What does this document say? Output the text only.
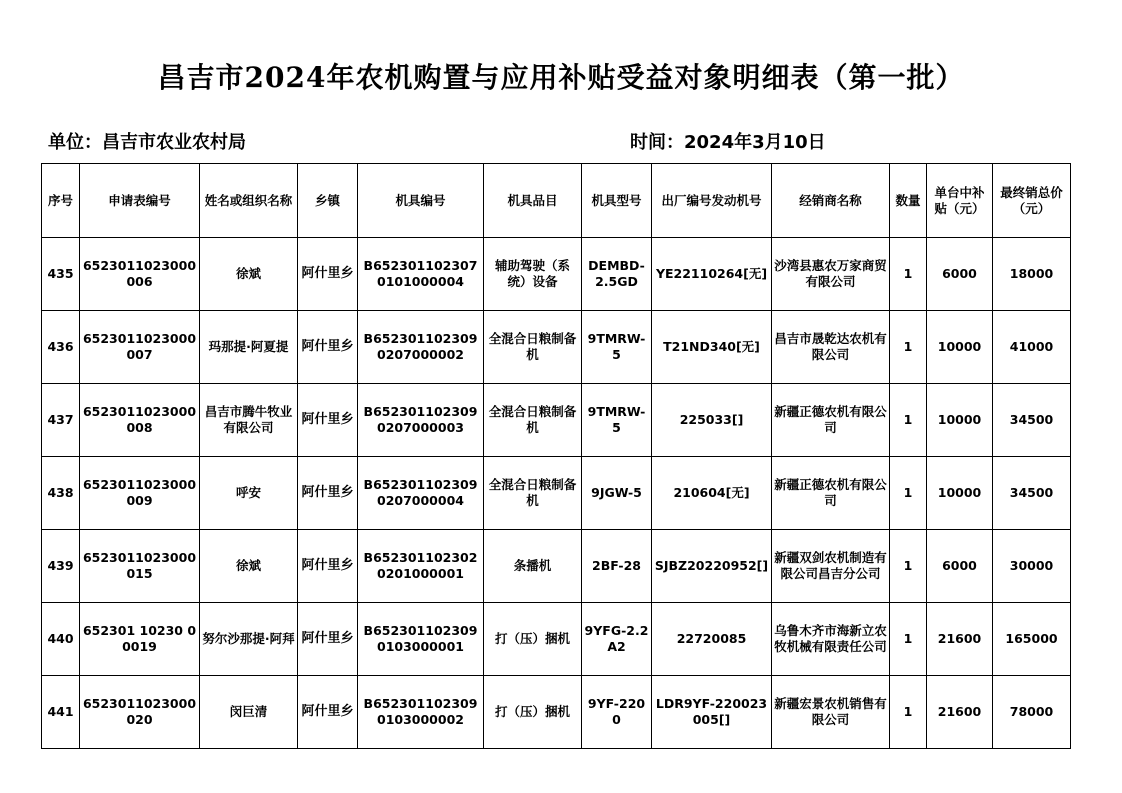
昌吉市2024年农机购置与应用补贴受益对象明细表（第一批）
单位：昌吉市农业农村局	时间：2024年3月10日
序号	申请表编号	姓名或组织名称	乡镇	机具编号	机具品目	机具型号	出厂编号发动机号	经销商名称	数量	单台中补贴（元）	最终销总价（元）
435	6523011023000006	徐斌	阿什里乡	B6523011023070101000004	辅助驾驶（系统）设备	DEMBD-2.5GD	YE22110264[无]	沙湾县惠农万家商贸有限公司	1	6000	18000
436	6523011023000007	玛那提·阿夏提	阿什里乡	B6523011023090207000002	全混合日粮制备机	9TMRW-5	T21ND340[无]	昌吉市晟乾达农机有限公司	1	10000	41000
437	6523011023000008	昌吉市腾牛牧业有限公司	阿什里乡	B6523011023090207000003	全混合日粮制备机	9TMRW-5	225033[]	新疆正德农机有限公司	1	10000	34500
438	6523011023000009	呼安	阿什里乡	B6523011023090207000004	全混合日粮制备机	9JGW-5	210604[无]	新疆正德农机有限公司	1	10000	34500
439	6523011023000015	徐斌	阿什里乡	B6523011023020201000001	条播机	2BF-28	SJBZ20220952[]	新疆双剑农机制造有限公司昌吉分公司	1	6000	30000
440	652301 10230 00019	努尔沙那提·阿拜	阿什里乡	B6523011023090103000001	打（压）捆机	9YFG-2.2A2	22720085	乌鲁木齐市海新立农牧机械有限责任公司	1	21600	165000
441	6523011023000020	闵巨清	阿什里乡	B6523011023090103000002	打（压）捆机	9YF-2200	LDR9YF-220023005[]	新疆宏景农机销售有限公司	1	21600	78000
